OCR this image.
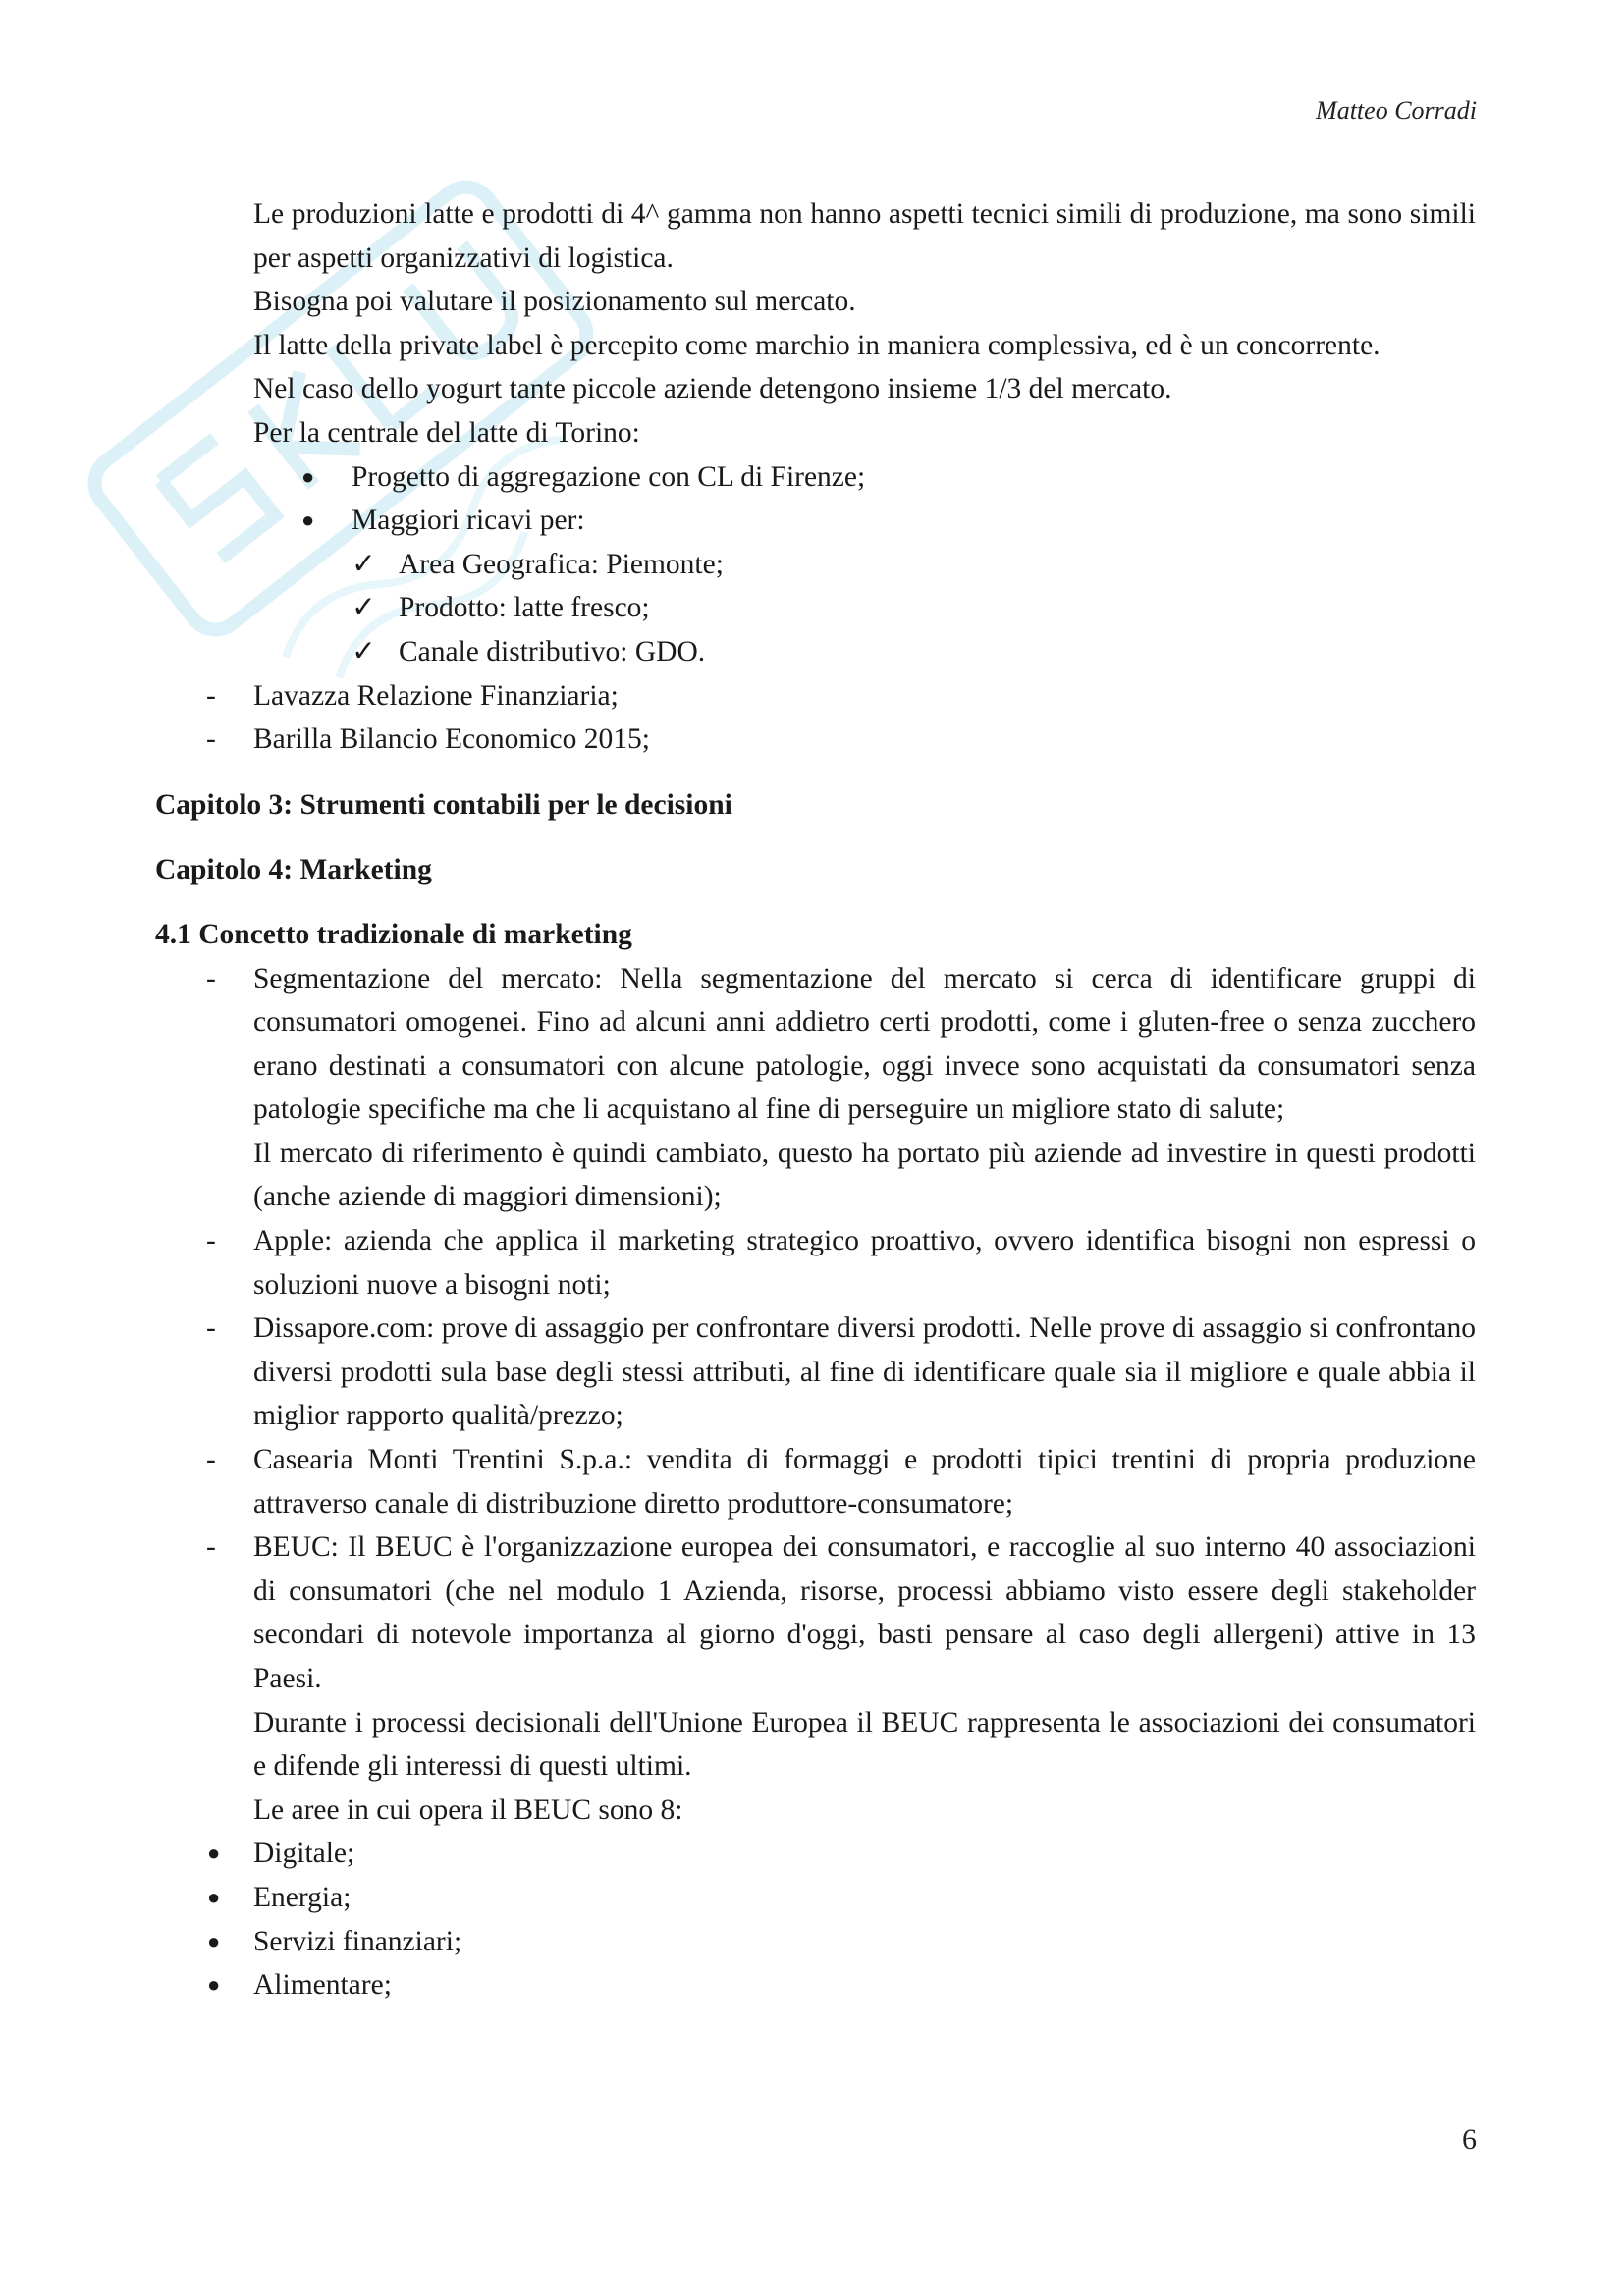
Matteo Corradi

Le produzioni latte e prodotti di 4^ gamma non hanno aspetti tecnici simili di produzione, ma sono simili per aspetti organizzativi di logistica.

Bisogna poi valutare il posizionamento sul mercato.

Il latte della private label è percepito come marchio in maniera complessiva, ed è un concorrente.

Nel caso dello yogurt tante piccole aziende detengono insieme 1/3 del mercato.

Per la centrale del latte di Torino:

● Progetto di aggregazione con CL di Firenze;
● Maggiori ricavi per:
✓ Area Geografica: Piemonte;
✓ Prodotto: latte fresco;
✓ Canale distributivo: GDO.
- Lavazza Relazione Finanziaria;
- Barilla Bilancio Economico 2015;

Capitolo 3: Strumenti contabili per le decisioni

Capitolo 4: Marketing

4.1 Concetto tradizionale di marketing

- Segmentazione del mercato: Nella segmentazione del mercato si cerca di identificare gruppi di consumatori omogenei. Fino ad alcuni anni addietro certi prodotti, come i gluten-free o senza zucchero erano destinati a consumatori con alcune patologie, oggi invece sono acquistati da consumatori senza patologie specifiche ma che li acquistano al fine di perseguire un migliore stato di salute;
Il mercato di riferimento è quindi cambiato, questo ha portato più aziende ad investire in questi prodotti (anche aziende di maggiori dimensioni);
- Apple: azienda che applica il marketing strategico proattivo, ovvero identifica bisogni non espressi o soluzioni nuove a bisogni noti;
- Dissapore.com: prove di assaggio per confrontare diversi prodotti. Nelle prove di assaggio si confrontano diversi prodotti sula base degli stessi attributi, al fine di identificare quale sia il migliore e quale abbia il miglior rapporto qualità/prezzo;
- Casearia Monti Trentini S.p.a.: vendita di formaggi e prodotti tipici trentini di propria produzione attraverso canale di distribuzione diretto produttore-consumatore;
- BEUC: Il BEUC è l'organizzazione europea dei consumatori, e raccoglie al suo interno 40 associazioni di consumatori (che nel modulo 1 Azienda, risorse, processi abbiamo visto essere degli stakeholder secondari di notevole importanza al giorno d'oggi, basti pensare al caso degli allergeni) attive in 13 Paesi.
Durante i processi decisionali dell'Unione Europea il BEUC rappresenta le associazioni dei consumatori e difende gli interessi di questi ultimi.
Le aree in cui opera il BEUC sono 8:
● Digitale;
● Energia;
● Servizi finanziari;
● Alimentare;
6
